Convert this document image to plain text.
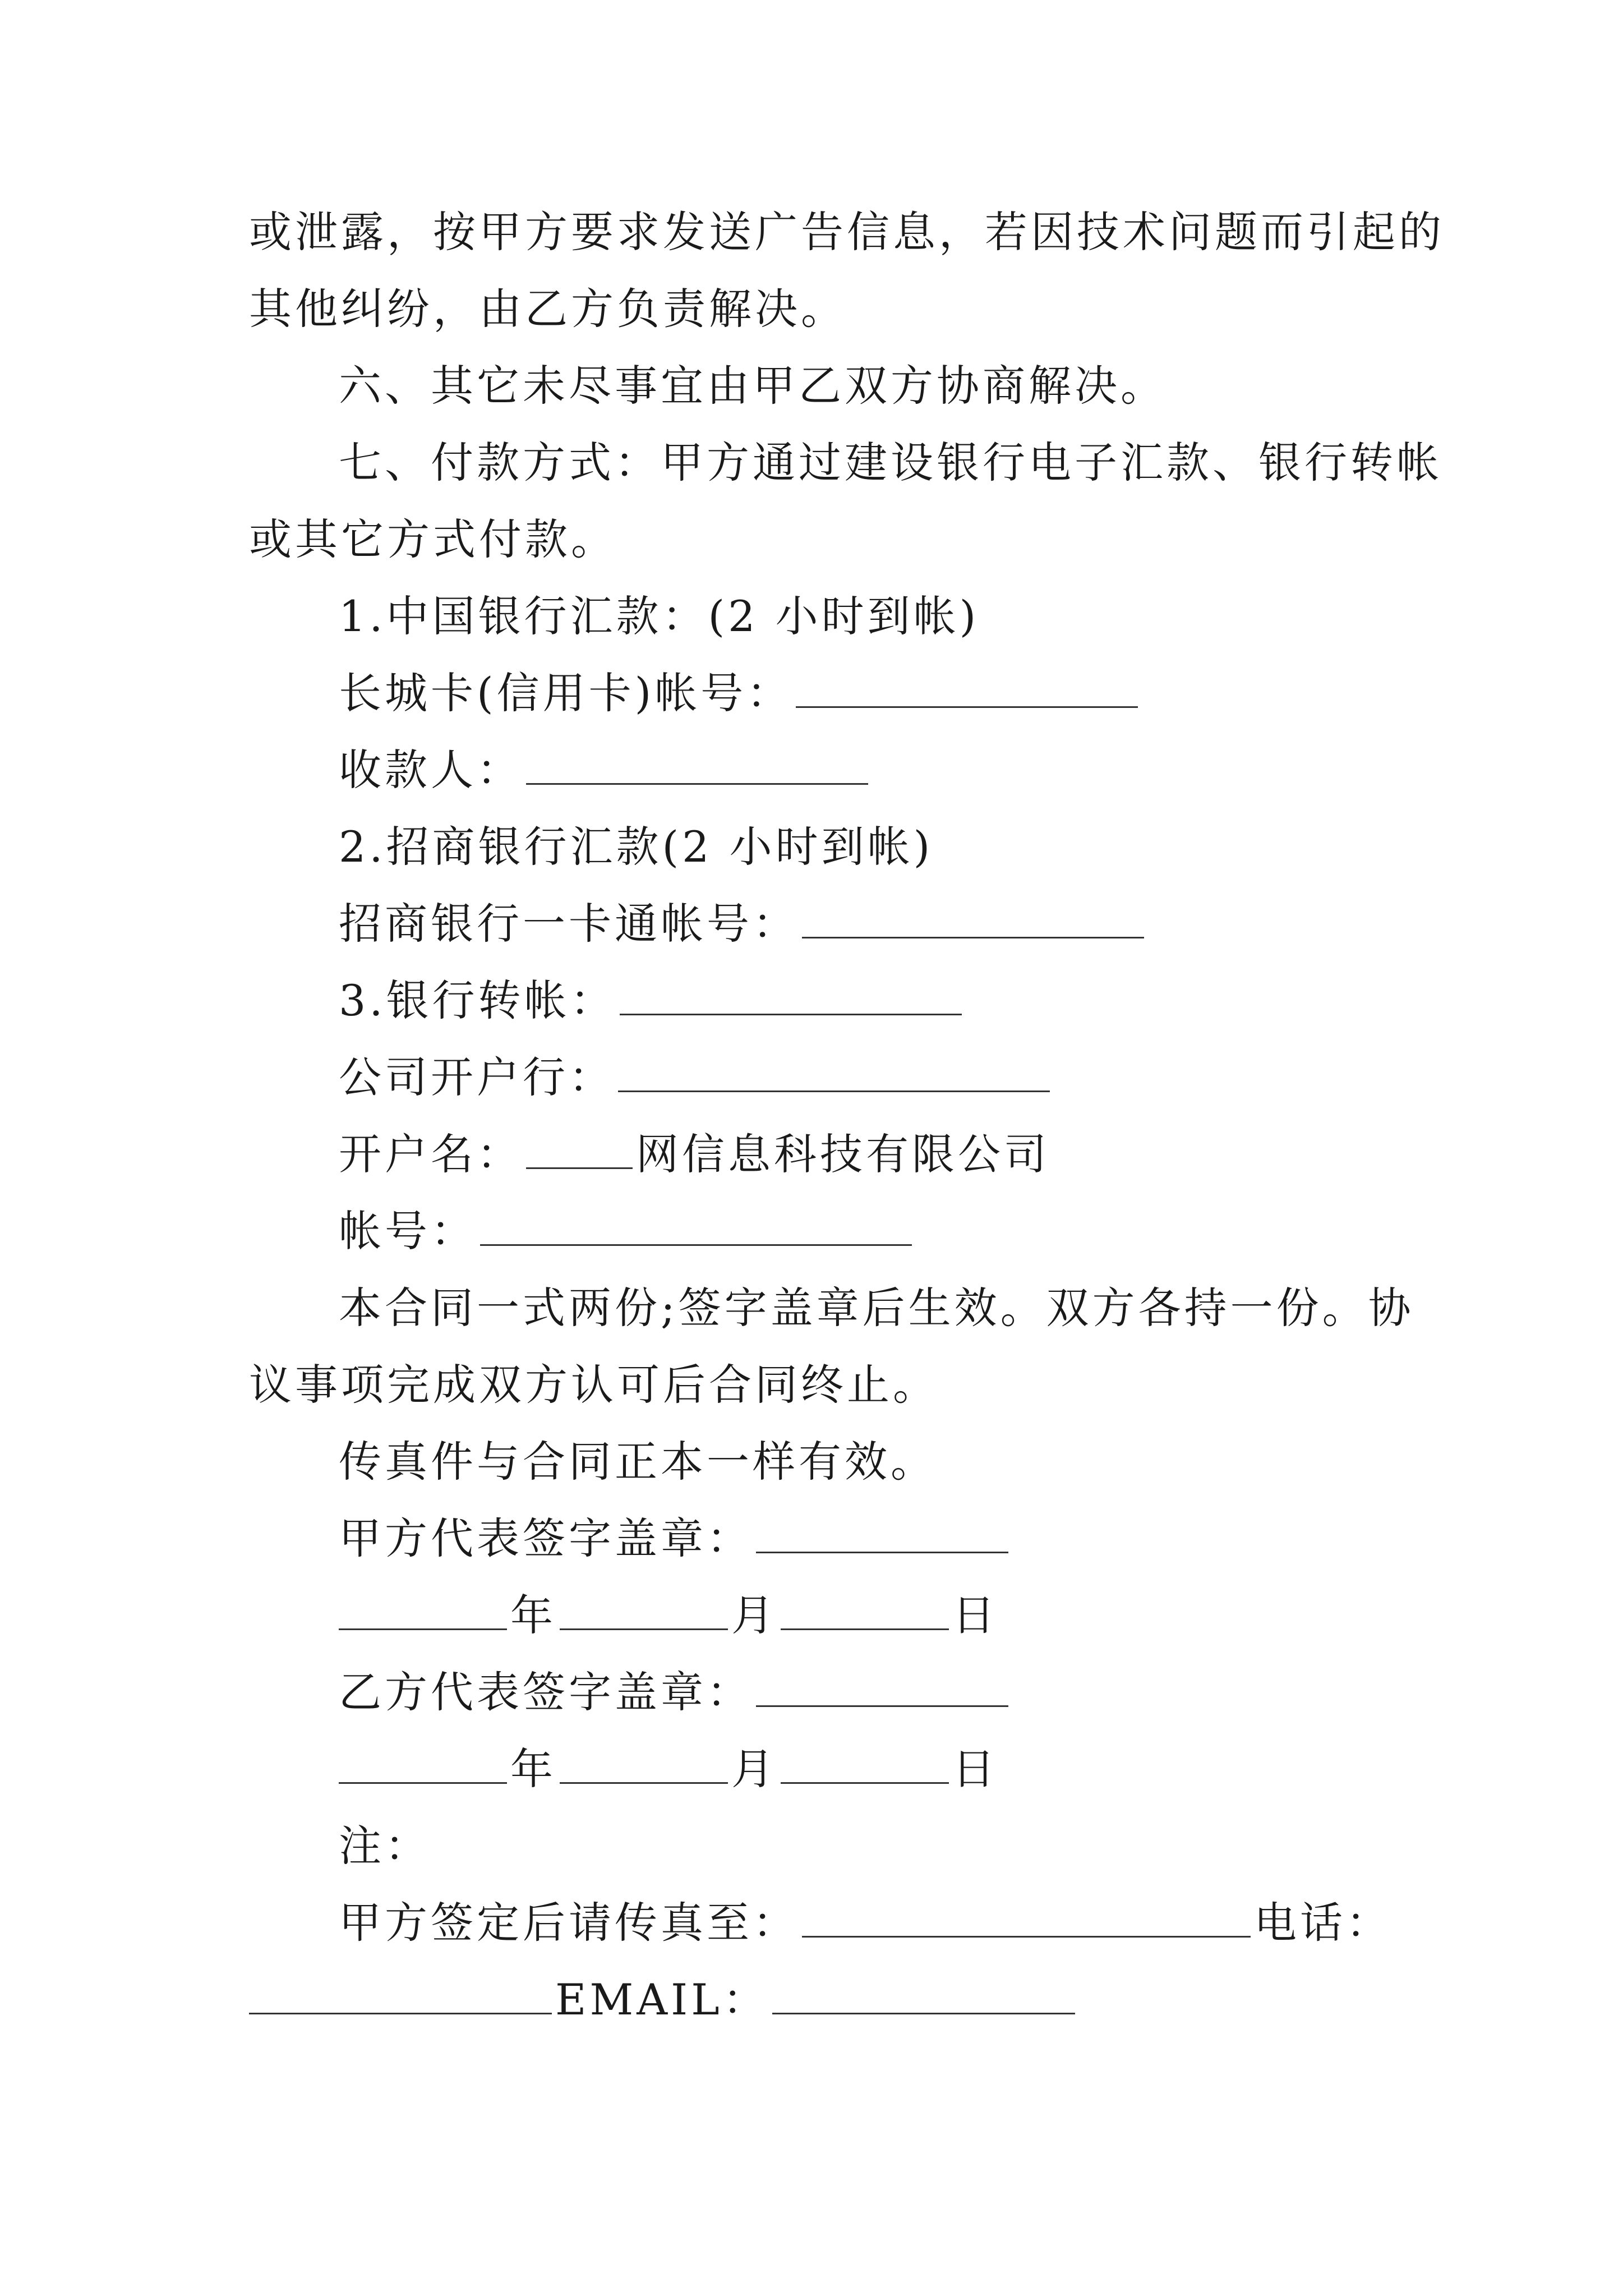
或泄露，按甲方要求发送广告信息，若因技术问题而引起的

其他纠纷，由乙方负责解决。

六、其它未尽事宜由甲乙双方协商解决。

七、付款方式：甲方通过建设银行电子汇款、银行转帐

或其它方式付款。

1.中国银行汇款：(2 小时到帐)

长城卡(信用卡)帐号：

收款人：

2.招商银行汇款(2 小时到帐)

招商银行一卡通帐号：

3.银行转帐：

公司开户行：

开户名：	网信息科技有限公司

帐号：

本合同一式两份;签字盖章后生效。双方各持一份。协

议事项完成双方认可后合同终止。

传真件与合同正本一样有效。

甲方代表签字盖章：

年	月	日

乙方代表签字盖章：

年	月	日

注：

甲方签定后请传真至：	电话：

EMAIL：
